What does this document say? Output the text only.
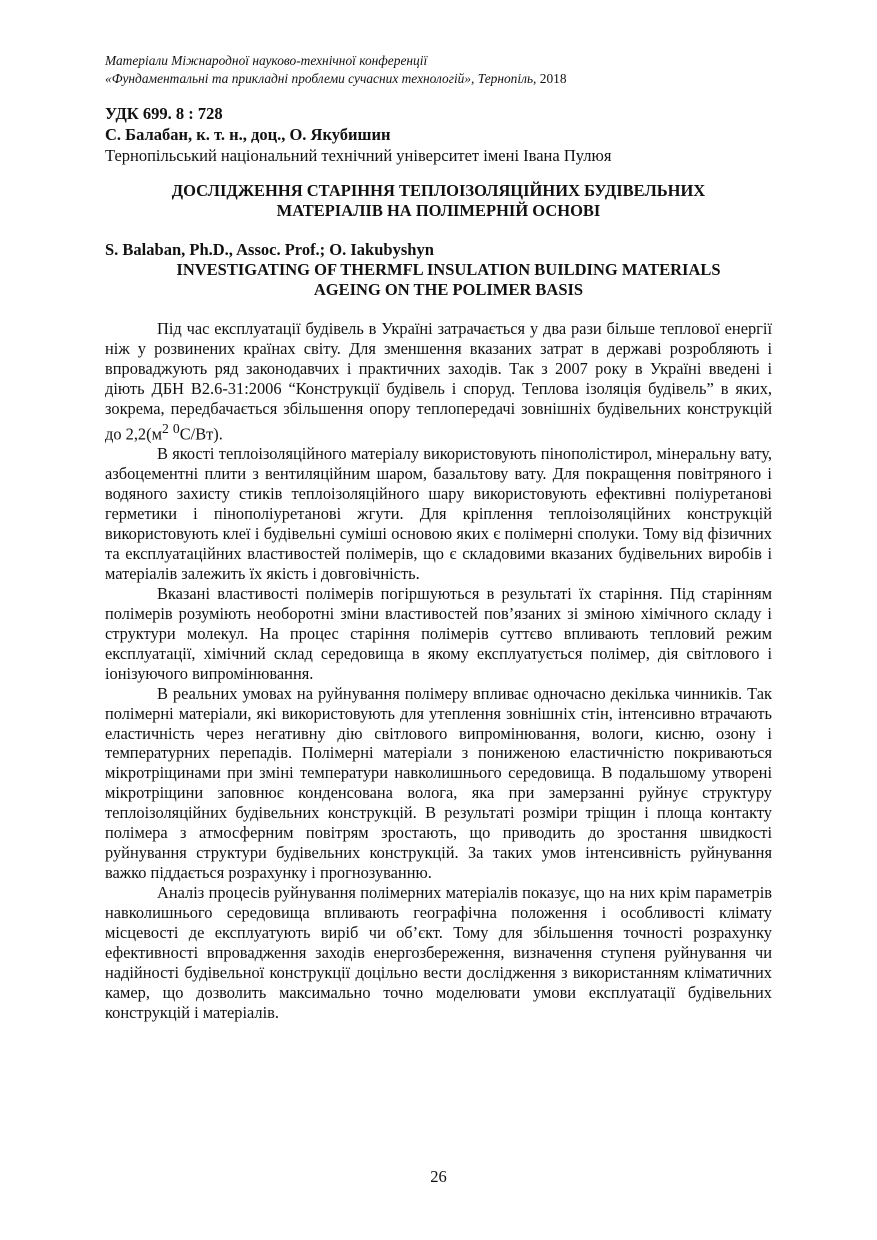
Матеріали Міжнародної науково-технічної конференції
«Фундаментальні та прикладні проблеми сучасних технологій», Тернопіль, 2018
УДК 699. 8 : 728
С. Балабан, к. т. н., доц., О. Якубишин
Тернопільський національний технічний університет імені Івана Пулюя
ДОСЛІДЖЕННЯ СТАРІННЯ ТЕПЛОІЗОЛЯЦІЙНИХ БУДІВЕЛЬНИХ
МАТЕРІАЛІВ НА ПОЛІМЕРНІЙ ОСНОВІ
S. Balaban, Ph.D., Assoc. Prof.; O. Iakubyshyn
INVESTIGATING OF THERMFL INSULATION BUILDING MATERIALS
AGEING ON THE POLIMER BASIS

Під час експлуатації будівель в Україні затрачається у два рази більше теплової енергії ніж у розвинених країнах світу. Для зменшення вказаних затрат в державі розробляють і впроваджують ряд законодавчих і практичних заходів. Так з 2007 року в Україні введені і діють ДБН В2.6-31:2006 “Конструкції будівель і споруд. Теплова ізоляція будівель” в яких, зокрема, передбачається збільшення опору теплопередачі зовнішніх будівельних конструкцій до $2,2(м^2$ $^0$С/Вт).

В якості теплоізоляційного матеріалу використовують пінополістирол, мінеральну вату, азбоцементні плити з вентиляційним шаром, базальтову вату. Для покращення повітряного і водяного захисту стиків теплоізоляційного шару використовують ефективні поліуретанові герметики і пінополіуретанові жгути. Для кріплення теплоізоляційних конструкцій використовують клеї і будівельні суміші основою яких є полімерні сполуки. Тому від фізичних та експлуатаційних властивостей полімерів, що є складовими вказаних будівельних виробів і матеріалів залежить їх якість і довговічність.

Вказані властивості полімерів погіршуються в результаті їх старіння. Під старінням полімерів розуміють необоротні зміни властивостей пов’язаних зі зміною хімічного складу і структури молекул. На процес старіння полімерів суттєво впливають тепловий режим експлуатації, хімічний склад середовища в якому експлуатується полімер, дія світлового і іонізуючого випромінювання.

В реальних умовах на руйнування полімеру впливає одночасно декілька чинників. Так полімерні матеріали, які використовують для утеплення зовнішніх стін, інтенсивно втрачають еластичність через негативну дію світлового випромінювання, вологи, кисню, озону і температурних перепадів. Полімерні матеріали з пониженою еластичністю покриваються мікротріщинами при зміні температури навколишнього середовища. В подальшому утворені мікротріщини заповнює конденсована волога, яка при замерзанні руйнує структуру теплоізоляційних будівельних конструкцій. В результаті розміри тріщин і площа контакту полімера з атмосферним повітрям зростають, що приводить до зростання швидкості руйнування структури будівельних конструкцій. За таких умов інтенсивність руйнування важко піддається розрахунку і прогнозуванню.

Аналіз процесів руйнування полімерних матеріалів показує, що на них крім параметрів навколишнього середовища впливають географічна положення і особливості клімату місцевості де експлуатують виріб чи об’єкт. Тому для збільшення точності розрахунку ефективності впровадження заходів енергозбереження, визначення ступеня руйнування чи надійності будівельної конструкції доцільно вести дослідження з використанням кліматичних камер, що дозволить максимально точно моделювати умови експлуатації будівельних конструкцій і матеріалів.

26
